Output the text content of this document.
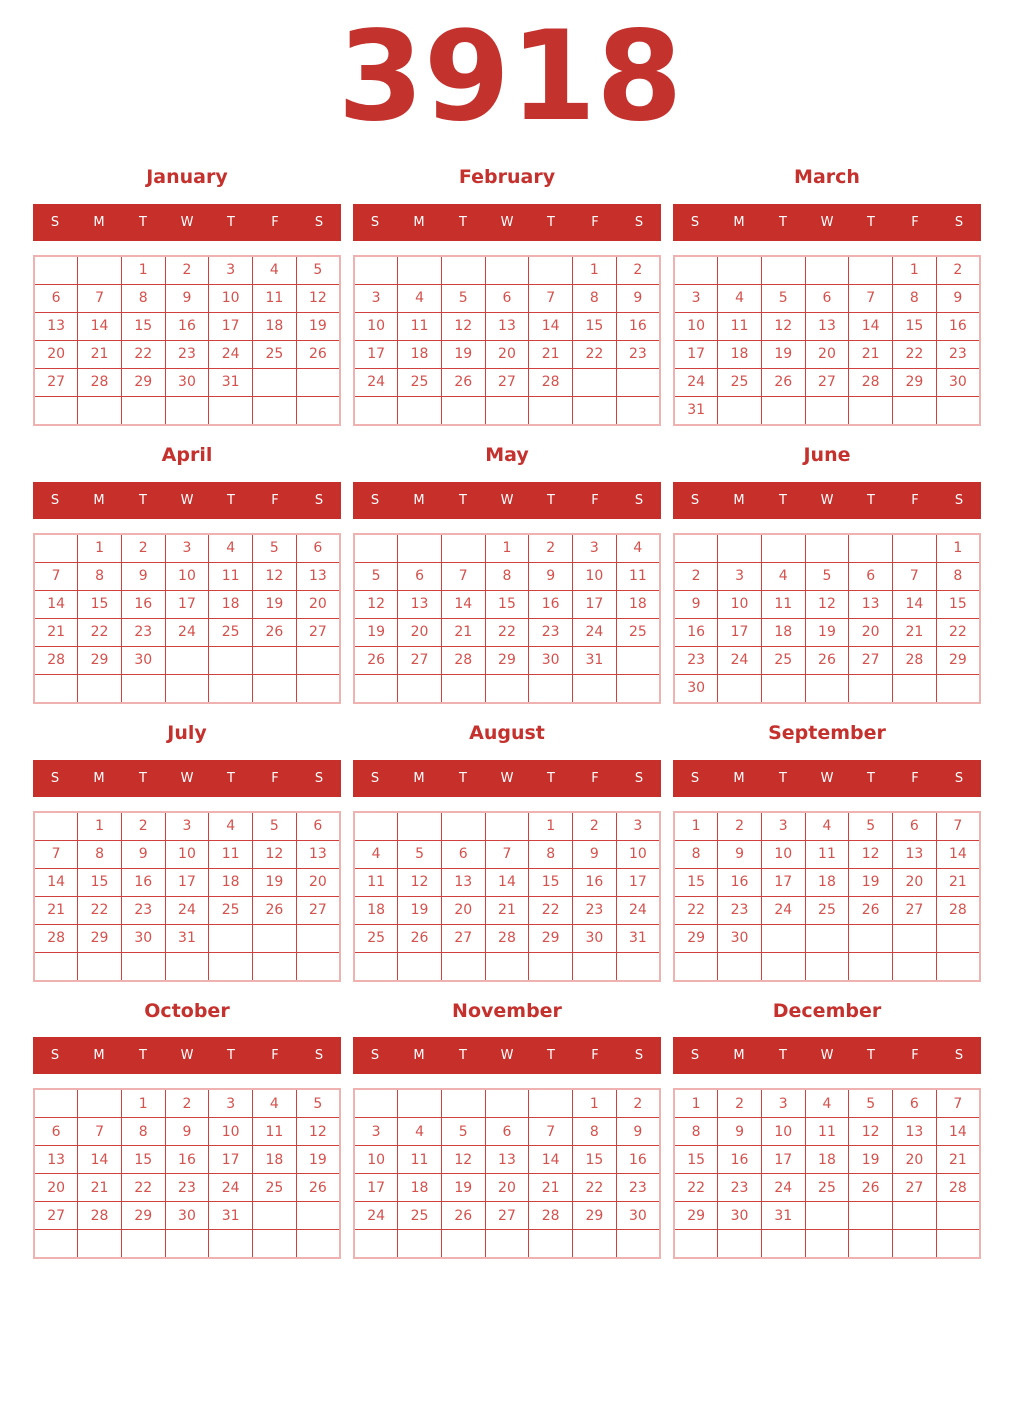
3918
January
S	M	T	W	T	F	S
		1	2	3	4	5
6	7	8	9	10	11	12
13	14	15	16	17	18	19
20	21	22	23	24	25	26
27	28	29	30	31		

February
S	M	T	W	T	F	S
					1	2
3	4	5	6	7	8	9
10	11	12	13	14	15	16
17	18	19	20	21	22	23
24	25	26	27	28		

March
S	M	T	W	T	F	S
					1	2
3	4	5	6	7	8	9
10	11	12	13	14	15	16
17	18	19	20	21	22	23
24	25	26	27	28	29	30
31						
April
S	M	T	W	T	F	S
	1	2	3	4	5	6
7	8	9	10	11	12	13
14	15	16	17	18	19	20
21	22	23	24	25	26	27
28	29	30				

May
S	M	T	W	T	F	S
			1	2	3	4
5	6	7	8	9	10	11
12	13	14	15	16	17	18
19	20	21	22	23	24	25
26	27	28	29	30	31	

June
S	M	T	W	T	F	S
						1
2	3	4	5	6	7	8
9	10	11	12	13	14	15
16	17	18	19	20	21	22
23	24	25	26	27	28	29
30						
July
S	M	T	W	T	F	S
	1	2	3	4	5	6
7	8	9	10	11	12	13
14	15	16	17	18	19	20
21	22	23	24	25	26	27
28	29	30	31			

August
S	M	T	W	T	F	S
				1	2	3
4	5	6	7	8	9	10
11	12	13	14	15	16	17
18	19	20	21	22	23	24
25	26	27	28	29	30	31

September
S	M	T	W	T	F	S
1	2	3	4	5	6	7
8	9	10	11	12	13	14
15	16	17	18	19	20	21
22	23	24	25	26	27	28
29	30					

October
S	M	T	W	T	F	S
		1	2	3	4	5
6	7	8	9	10	11	12
13	14	15	16	17	18	19
20	21	22	23	24	25	26
27	28	29	30	31		

November
S	M	T	W	T	F	S
					1	2
3	4	5	6	7	8	9
10	11	12	13	14	15	16
17	18	19	20	21	22	23
24	25	26	27	28	29	30

December
S	M	T	W	T	F	S
1	2	3	4	5	6	7
8	9	10	11	12	13	14
15	16	17	18	19	20	21
22	23	24	25	26	27	28
29	30	31				
